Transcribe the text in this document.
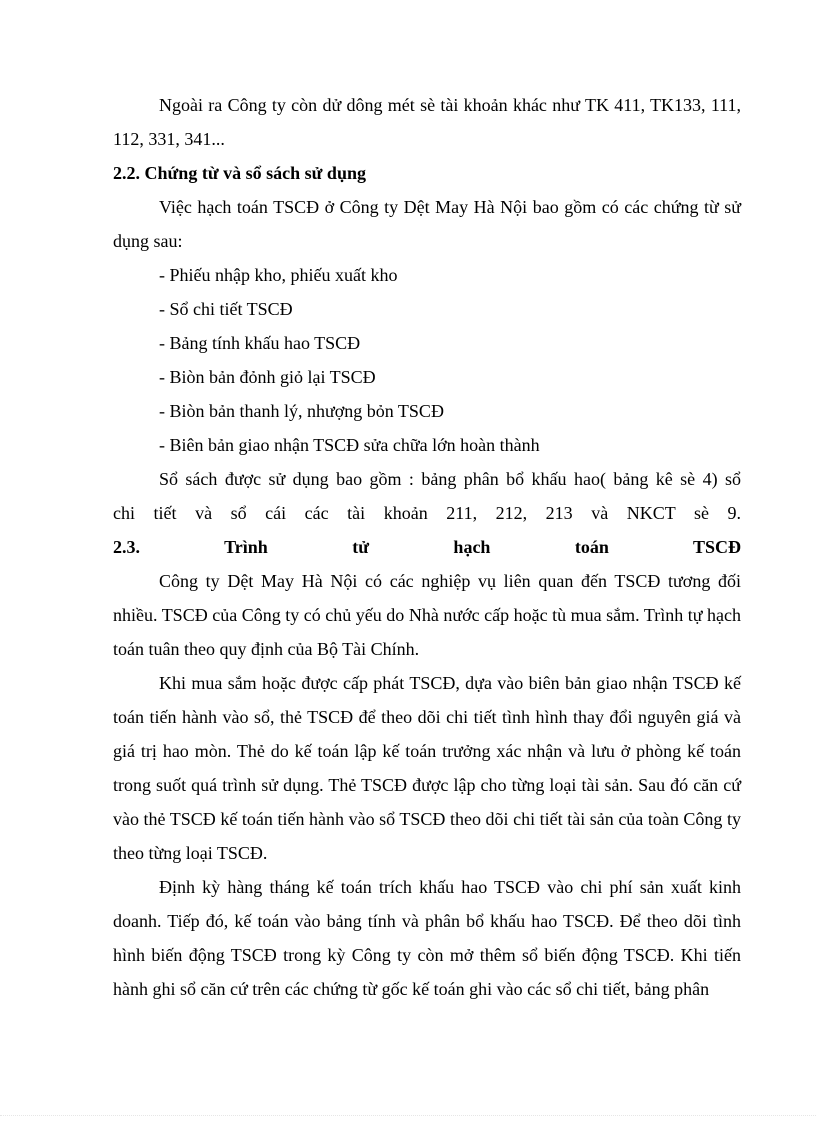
Ngoài ra Công ty còn dử dông mét sè tài khoản khác như TK 411, TK133, 111, 112, 331, 341...

2.2. Chứng từ và sổ sách sử dụng

Việc hạch toán TSCĐ ở Công ty Dệt May Hà Nội bao gồm có các chứng từ sử dụng sau:

- Phiếu nhập kho, phiếu xuất kho
- Sổ chi tiết TSCĐ
- Bảng tính khấu hao TSCĐ
- Biòn bản đỏnh giỏ lại TSCĐ
- Biòn bản thanh lý, nhượng bỏn TSCĐ
- Biên bản giao nhận TSCĐ sửa chữa lớn hoàn thành

Sổ sách được sử dụng bao gồm : bảng phân bổ khấu hao( bảng kê sè 4) sổ

chi tiết và sổ cái các tài khoản 211, 212, 213 và NKCT sè 9.

2.3. Trình tử hạch toán TSCĐ

Công ty Dệt May Hà Nội có các nghiệp vụ liên quan đến TSCĐ tương đối nhiều. TSCĐ của Công ty có chủ yếu do Nhà nước cấp hoặc tù mua sắm. Trình tự hạch toán tuân theo quy định của Bộ Tài Chính.

Khi mua sắm hoặc được cấp phát TSCĐ, dựa vào biên bản giao nhận TSCĐ kế toán tiến hành vào sổ, thẻ TSCĐ để theo dõi chi tiết tình hình thay đổi nguyên giá và giá trị hao mòn. Thẻ do kế toán lập kế toán trưởng xác nhận và lưu ở phòng kế toán trong suốt quá trình sử dụng. Thẻ TSCĐ được lập cho từng loại tài sản. Sau đó căn cứ vào thẻ TSCĐ kế toán tiến hành vào sổ TSCĐ theo dõi chi tiết tài sản của toàn Công ty theo từng loại TSCĐ.

Định kỳ hàng tháng kế toán trích khấu hao TSCĐ vào chi phí sản xuất kinh doanh. Tiếp đó, kế toán vào bảng tính và phân bổ khấu hao TSCĐ. Để theo dõi tình hình biến động TSCĐ trong kỳ Công ty còn mở thêm sổ biến động TSCĐ. Khi tiến hành ghi sổ căn cứ trên các chứng từ gốc kế toán ghi vào các sổ chi tiết, bảng phân
